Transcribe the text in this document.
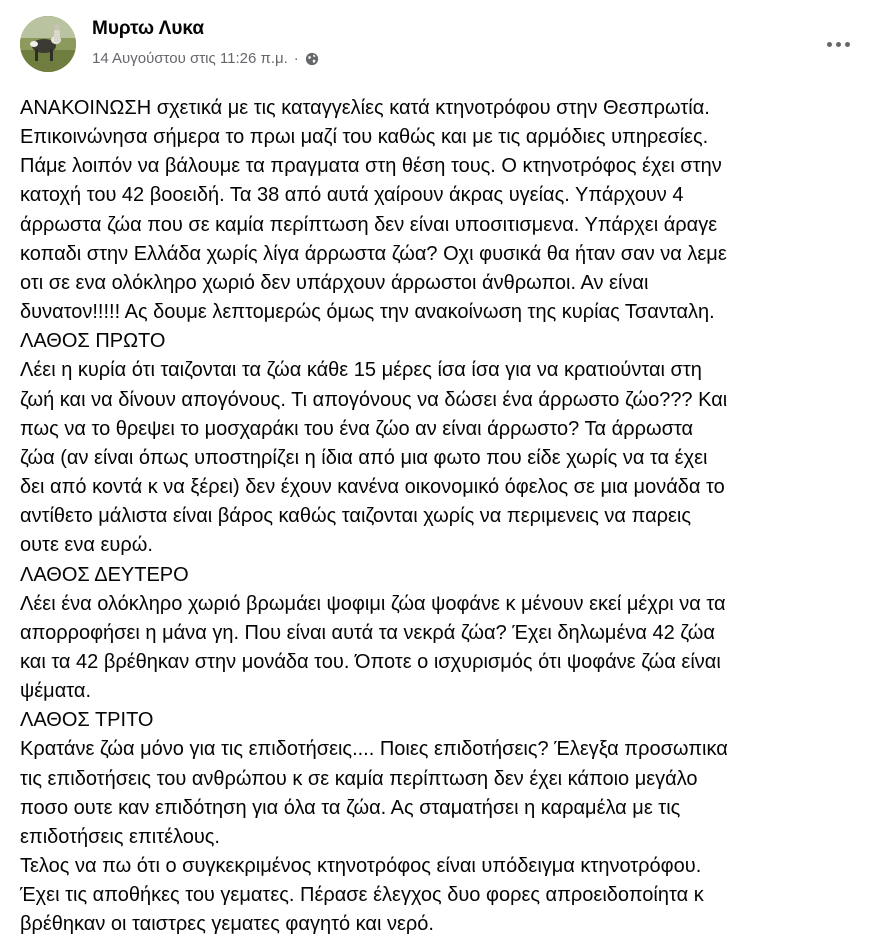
Μυρτω Λυκα
14 Αυγούστου στις 11:26 π.μ. ·

ΑΝΑΚΟΙΝΩΣΗ σχετικά με τις καταγγελίες κατά κτηνοτρόφου στην Θεσπρωτία.

Επικοινώνησα σήμερα το πρωι μαζί του καθώς και με τις αρμόδιες υπηρεσίες.

Πάμε λοιπόν να βάλουμε τα πραγματα στη θέση τους. Ο κτηνοτρόφος έχει στην

κατοχή του 42 βοοειδή. Τα 38 από αυτά χαίρουν άκρας υγείας. Υπάρχουν 4

άρρωστα ζώα που σε καμία περίπτωση δεν είναι υποσιτισμενα. Υπάρχει άραγε

κοπαδι στην Ελλάδα χωρίς λίγα άρρωστα ζώα? Οχι φυσικά θα ήταν σαν να λεμε

οτι σε ενα ολόκληρο χωριό δεν υπάρχουν άρρωστοι άνθρωποι. Αν είναι

δυνατον!!!!! Ας δουμε λεπτομερώς όμως την ανακοίνωση της κυρίας Τσανταλη.

ΛΑΘΟΣ ΠΡΩΤΟ

Λέει η κυρία ότι ταιζονται τα ζώα κάθε 15 μέρες ίσα ίσα για να κρατιούνται στη

ζωή και να δίνουν απογόνους. Τι απογόνους να δώσει ένα άρρωστο ζώο??? Και

πως να το θρεψει το μοσχαράκι του ένα ζώο αν είναι άρρωστο? Τα άρρωστα

ζώα (αν είναι όπως υποστηρίζει η ίδια από μια φωτο που είδε χωρίς να τα έχει

δει από κοντά κ να ξέρει) δεν έχουν κανένα οικονομικό όφελος σε μια μονάδα το

αντίθετο μάλιστα είναι βάρος καθώς ταιζονται χωρίς να περιμενεις να παρεις

ουτε ενα ευρώ.

ΛΑΘΟΣ ΔΕΥΤΕΡΟ

Λέει ένα ολόκληρο χωριό βρωμάει ψοφιμι ζώα ψοφάνε κ μένουν εκεί μέχρι να τα

απορροφήσει η μάνα γη. Που είναι αυτά τα νεκρά ζώα? Έχει δηλωμένα 42 ζώα

και τα 42 βρέθηκαν στην μονάδα του. Όποτε ο ισχυρισμός ότι ψοφάνε ζώα είναι

ψέματα.

ΛΑΘΟΣ ΤΡΙΤΟ

Κρατάνε ζώα μόνο για τις επιδοτήσεις.... Ποιες επιδοτήσεις? Έλεγξα προσωπικα

τις επιδοτήσεις του ανθρώπου κ σε καμία περίπτωση δεν έχει κάποιο μεγάλο

ποσο ουτε καν επιδότηση για όλα τα ζώα. Ας σταματήσει η καραμέλα με τις

επιδοτήσεις επιτέλους.

Τελος να πω ότι ο συγκεκριμένος κτηνοτρόφος είναι υπόδειγμα κτηνοτρόφου.

Έχει τις αποθήκες του γεματες. Πέρασε έλεγχος δυο φορες απροειδοποίητα κ

βρέθηκαν οι ταιστρες γεματες φαγητό και νερό.
